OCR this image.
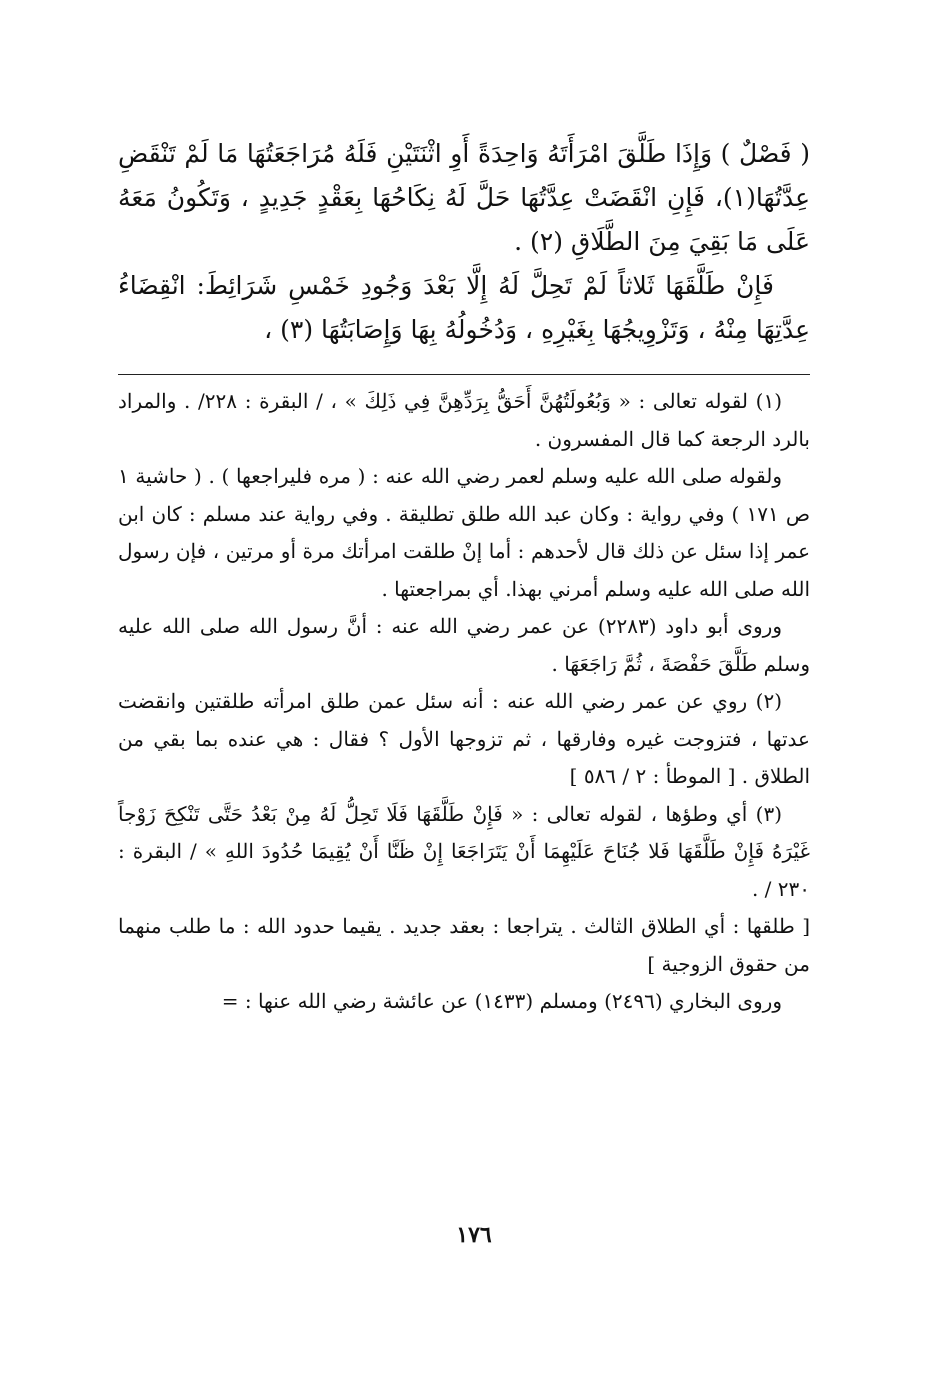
( فَصْلٌ ) وَإِذَا طَلَّقَ امْرَأَتَهُ وَاحِدَةً أَوِ اثْنَتَيْنِ فَلَهُ مُرَاجَعَتُهَا مَا لَمْ تَنْقَضِ عِدَّتُهَا(١)، فَإِنِ انْقَضَتْ عِدَّتُهَا حَلَّ لَهُ نِكَاحُهَا بِعَقْدٍ جَدِيدٍ ، وَتَكُونُ مَعَهُ عَلَى مَا بَقِيَ مِنَ الطَّلَاقِ (٢) .

فَإِنْ طَلَّقَهَا ثَلاثاً لَمْ تَحِلَّ لَهُ إِلَّا بَعْدَ وَجُودِ خَمْسِ شَرَائِطَ: انْقِضَاءُ عِدَّتِهَا مِنْهُ ، وَتَزْوِيجُهَا بِغَيْرِهِ ، وَدُخُولُهُ بِهَا وَإِصَابَتُهَا (٣) ،

(١) لقوله تعالى : « وَبُعُولَتُهُنَّ أَحَقُّ بِرَدِّهِنَّ فِي ذَلِكَ » ، / البقرة : ٢٢٨/ . والمراد بالرد الرجعة كما قال المفسرون .

ولقوله صلى الله عليه وسلم لعمر رضي الله عنه : ( مره فليراجعها ) . ( حاشية ١ ص ١٧١ ) وفي رواية : وكان عبد الله طلق تطليقة . وفي رواية عند مسلم : كان ابن عمر إذا سئل عن ذلك قال لأحدهم : أما إنْ طلقت امرأتك مرة أو مرتين ، فإن رسول الله صلى الله عليه وسلم أمرني بهذا. أي بمراجعتها .

وروى أبو داود (٢٢٨٣) عن عمر رضي الله عنه : أنَّ رسول الله صلى الله عليه وسلم طَلَّقَ حَفْصَةَ ، ثُمَّ رَاجَعَهَا .

(٢) روي عن عمر رضي الله عنه : أنه سئل عمن طلق امرأته طلقتين وانقضت عدتها ، فتزوجت غيره وفارقها ، ثم تزوجها الأول ؟ فقال : هي عنده بما بقي من الطلاق . [ الموطأ : ٢ / ٥٨٦ ]

(٣) أي وطؤها ، لقوله تعالى : « فَإِنْ طَلَّقَهَا فَلَا تَحِلُّ لَهُ مِنْ بَعْدُ حَتَّى تَنْكِحَ زَوْجاً غَيْرَهُ فَإِنْ طَلَّقَهَا فَلا جُنَاحَ عَلَيْهِمَا أَنْ يَتَرَاجَعَا إِنْ ظَنَّا أَنْ يُقِيمَا حُدُودَ اللهِ » / البقرة : ٢٣٠ / .

[ طلقها : أي الطلاق الثالث . يتراجعا : بعقد جديد . يقيما حدود الله : ما طلب منهما من حقوق الزوجية ]

وروى البخاري (٢٤٩٦) ومسلم (١٤٣٣) عن عائشة رضي الله عنها : =

١٧٦
